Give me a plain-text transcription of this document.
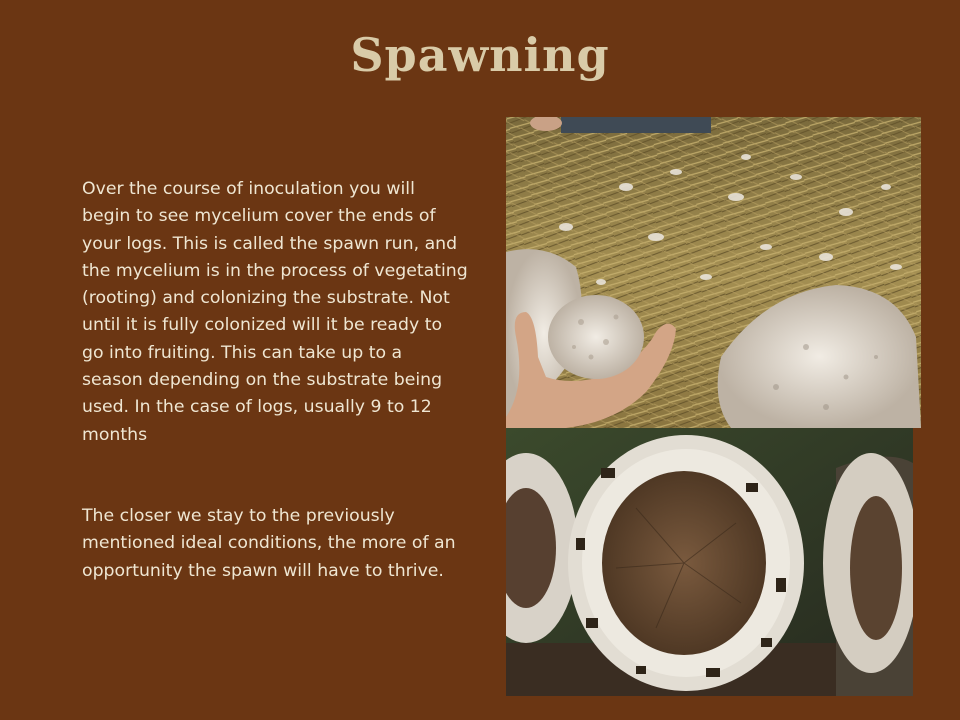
Spawning

Over the course of inoculation you will begin to see mycelium cover the ends of your logs. This is called the spawn run, and the mycelium is in the process of vegetating (rooting) and colonizing the substrate. Not until it is fully colonized will it be ready to go into fruiting. This can take up to a season depending on the substrate being used. In the case of logs, usually 9 to 12 months

The closer we stay to the previously mentioned ideal conditions, the more of an opportunity the spawn will have to thrive.
